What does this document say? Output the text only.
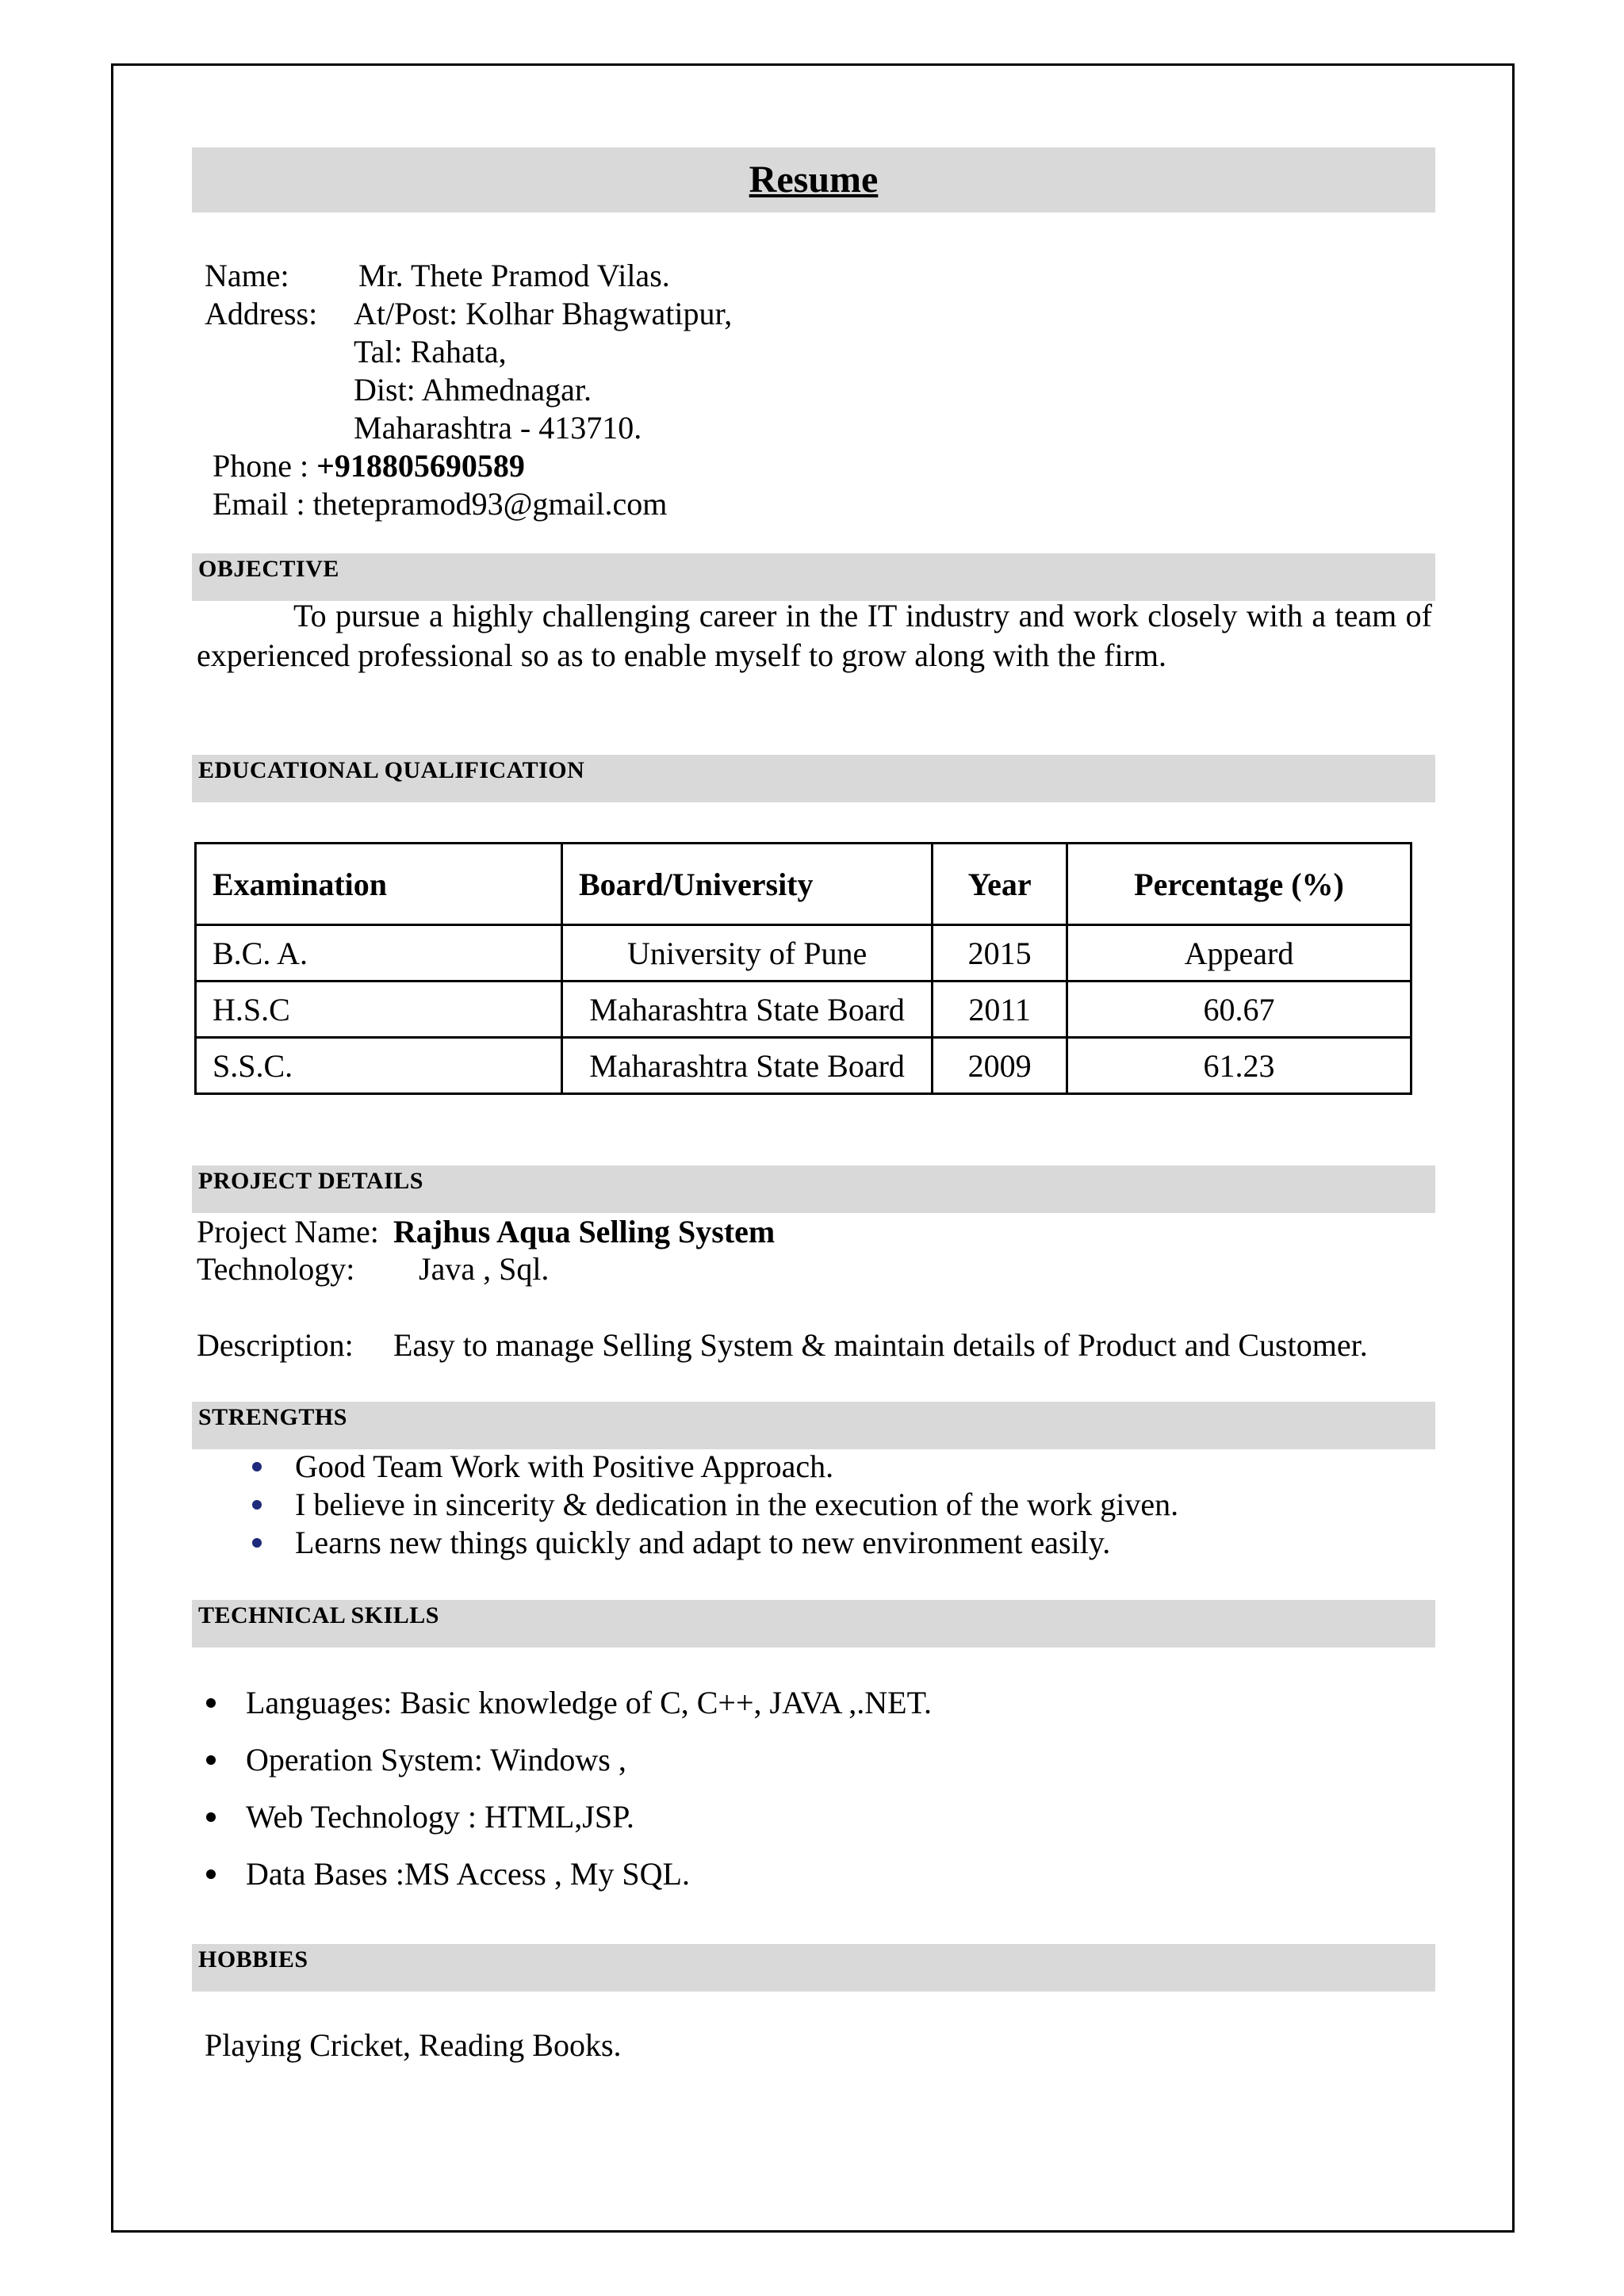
Resume
Name: Mr. Thete Pramod Vilas.
Address: At/Post: Kolhar Bhagwatipur,
Tal: Rahata,
Dist: Ahmednagar.
Maharashtra - 413710.
Phone : +918805690589
Email : thetepramod93@gmail.com
OBJECTIVE
To pursue a highly challenging career in the IT industry and work closely with a team of experienced professional so as to enable myself to grow along with the firm.
EDUCATIONAL QUALIFICATION
Examination	Board/University	Year	Percentage (%)
B.C. A.	University of Pune	2015	Appeard
H.S.C	Maharashtra State Board	2011	60.67
S.S.C.	Maharashtra State Board	2009	61.23
PROJECT DETAILS
Project Name: Rajhus Aqua Selling System
Technology: Java , Sql.
Description: Easy to manage Selling System & maintain details of Product and Customer.
STRENGTHS
Good Team Work with Positive Approach.
I believe in sincerity & dedication in the execution of the work given.
Learns new things quickly and adapt to new environment easily.
TECHNICAL SKILLS
Languages: Basic knowledge of C, C++, JAVA ,.NET.
Operation System: Windows ,
Web Technology : HTML,JSP.
Data Bases :MS Access , My SQL.
HOBBIES
Playing Cricket, Reading Books.
